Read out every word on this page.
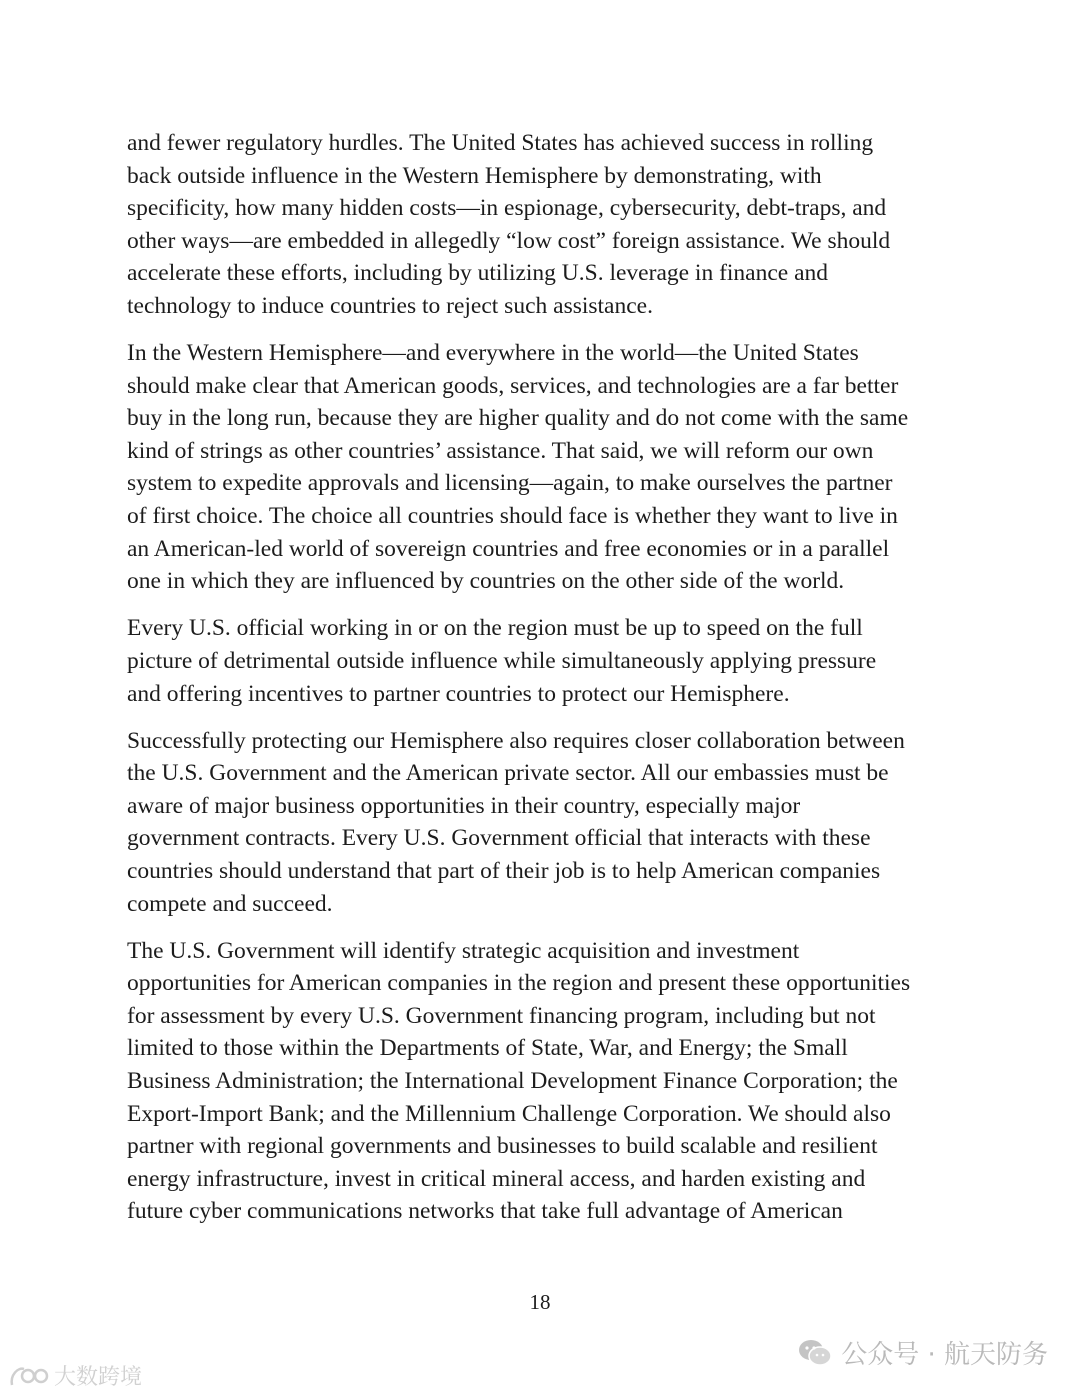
and fewer regulatory hurdles. The United States has achieved success in rolling
back outside influence in the Western Hemisphere by demonstrating, with
specificity, how many hidden costs—in espionage, cybersecurity, debt-traps, and
other ways—are embedded in allegedly “low cost” foreign assistance. We should
accelerate these efforts, including by utilizing U.S. leverage in finance and
technology to induce countries to reject such assistance.

In the Western Hemisphere—and everywhere in the world—the United States
should make clear that American goods, services, and technologies are a far better
buy in the long run, because they are higher quality and do not come with the same
kind of strings as other countries’ assistance. That said, we will reform our own
system to expedite approvals and licensing—again, to make ourselves the partner
of first choice. The choice all countries should face is whether they want to live in
an American-led world of sovereign countries and free economies or in a parallel
one in which they are influenced by countries on the other side of the world.

Every U.S. official working in or on the region must be up to speed on the full
picture of detrimental outside influence while simultaneously applying pressure
and offering incentives to partner countries to protect our Hemisphere.

Successfully protecting our Hemisphere also requires closer collaboration between
the U.S. Government and the American private sector. All our embassies must be
aware of major business opportunities in their country, especially major
government contracts. Every U.S. Government official that interacts with these
countries should understand that part of their job is to help American companies
compete and succeed.

The U.S. Government will identify strategic acquisition and investment
opportunities for American companies in the region and present these opportunities
for assessment by every U.S. Government financing program, including but not
limited to those within the Departments of State, War, and Energy; the Small
Business Administration; the International Development Finance Corporation; the
Export-Import Bank; and the Millennium Challenge Corporation. We should also
partner with regional governments and businesses to build scalable and resilient
energy infrastructure, invest in critical mineral access, and harden existing and
future cyber communications networks that take full advantage of American

18
公众号 · 航天防务
大数跨境
